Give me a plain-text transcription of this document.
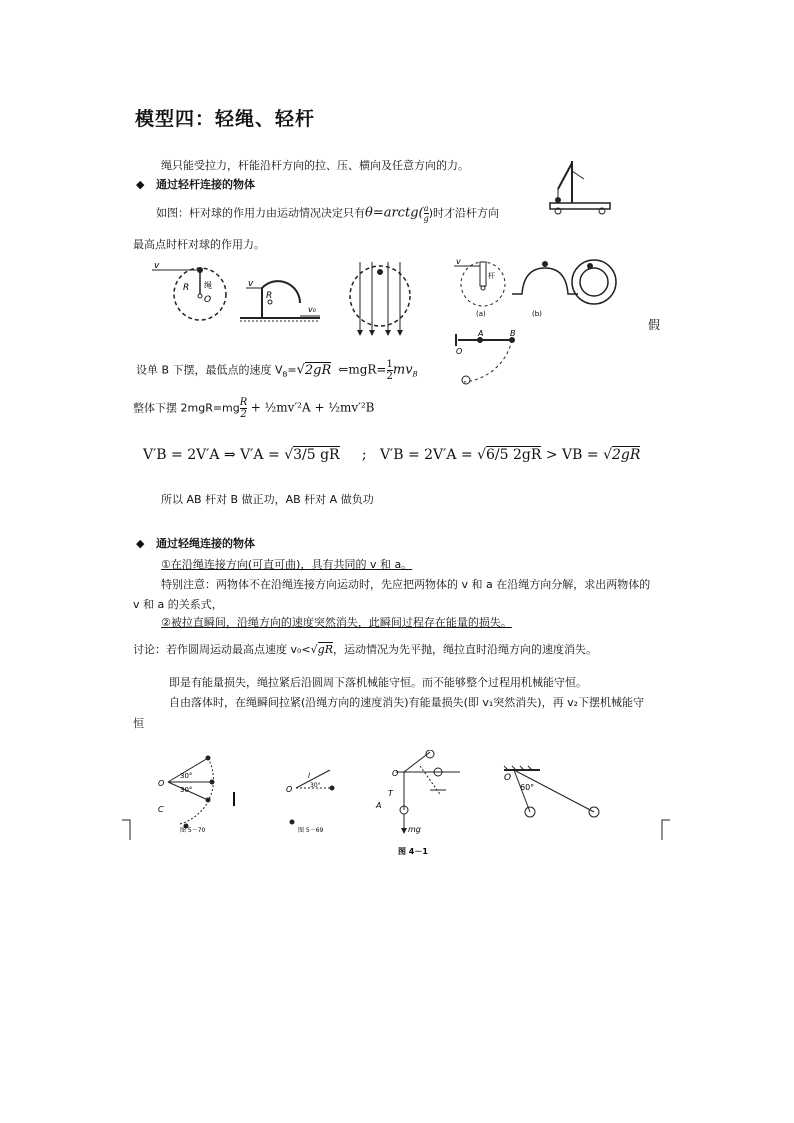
模型四：轻绳、轻杆
绳只能受拉力，杆能沿杆方向的拉、压、横向及任意方向的力。
◆ 通过轻杆连接的物体
如图：杆对球的作用力由运动情况决定只有θ=arctg( $\frac{a}{g}$ )时才沿杆方向
最高点时杆对球的作用力。
v
R 绳
O
v
R
v₀
v
杆
(a)	(b)
假
A	B
O
设单 B 下摆，最低点的速度 $V_B=√2gR$ ⇐mgR= $\frac{1}{2} mv_B$
整体下摆 $2mgR=mg \frac{R}{2}$ + ½mv′²A + ½mv′²B
V′B = 2V′A ⇒ V′A = √3/5 gR ; V′B = 2V′A = √6/5 2gR > VB = √2gR
所以 AB 杆对 B 做正功，AB 杆对 A 做负功
◆ 通过轻绳连接的物体
①在沿绳连接方向(可直可曲)，具有共同的 v 和 a。
特别注意：两物体不在沿绳连接方向运动时，先应把两物体的 v 和 a 在沿绳方向分解，求出两物体的
v 和 a 的关系式，
②被拉直瞬间，沿绳方向的速度突然消失，此瞬间过程存在能量的损失。
讨论：若作圆周运动最高点速度 v₀<√gR，运动情况为先平抛，绳拉直时沿绳方向的速度消失。
即是有能量损失，绳拉紧后沿圆周下落机械能守恒。而不能够整个过程用机械能守恒。
自由落体时，在绳瞬间拉紧(沿绳方向的速度消失)有能量损失(即 v₁突然消失)，再 v₂下摆机械能守
恒
O
30°
30°
C
图 5－70
O
l
30°
图 5－69
O
T
mg
A
O
60°
图 4－1
